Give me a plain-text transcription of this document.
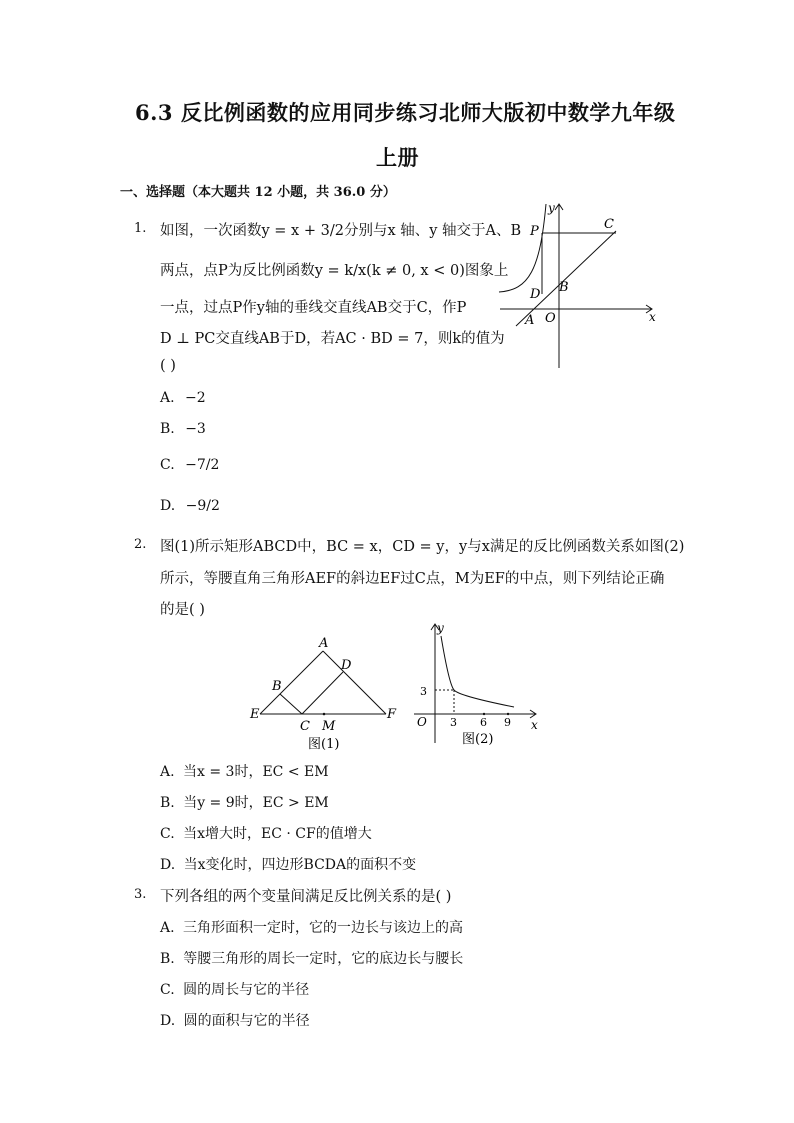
6.3 反比例函数的应用同步练习北师大版初中数学九年级
上册
一、选择题（本大题共 12 小题，共 36.0 分）
1. 如图，一次函数y = x + 3/2分别与x 轴、y 轴交于A、B
两点，点P为反比例函数y = k/x(k ≠ 0, x < 0)图象上
一点，过点P作y轴的垂线交直线AB交于C，作P
D ⊥ PC交直线AB于D，若AC · BD = 7，则k的值为
( )
A. −2
B. −3
C. −7/2
D. −9/2
y
x
P	C
D B
A O
2. 图(1)所示矩形ABCD中，BC = x，CD = y，y与x满足的反比例函数关系如图(2)
所示，等腰直角三角形AEF的斜边EF过C点，M为EF的中点，则下列结论正确
的是( )
A
B
C
D
E	F
M
图(1)
y
x
O
3
3 6 9
图(2)
A. 当x = 3时，EC < EM
B. 当y = 9时，EC > EM
C. 当x增大时，EC · CF的值增大
D. 当x变化时，四边形BCDA的面积不变
3. 下列各组的两个变量间满足反比例关系的是( )
A. 三角形面积一定时，它的一边长与该边上的高
B. 等腰三角形的周长一定时，它的底边长与腰长
C. 圆的周长与它的半径
D. 圆的面积与它的半径
